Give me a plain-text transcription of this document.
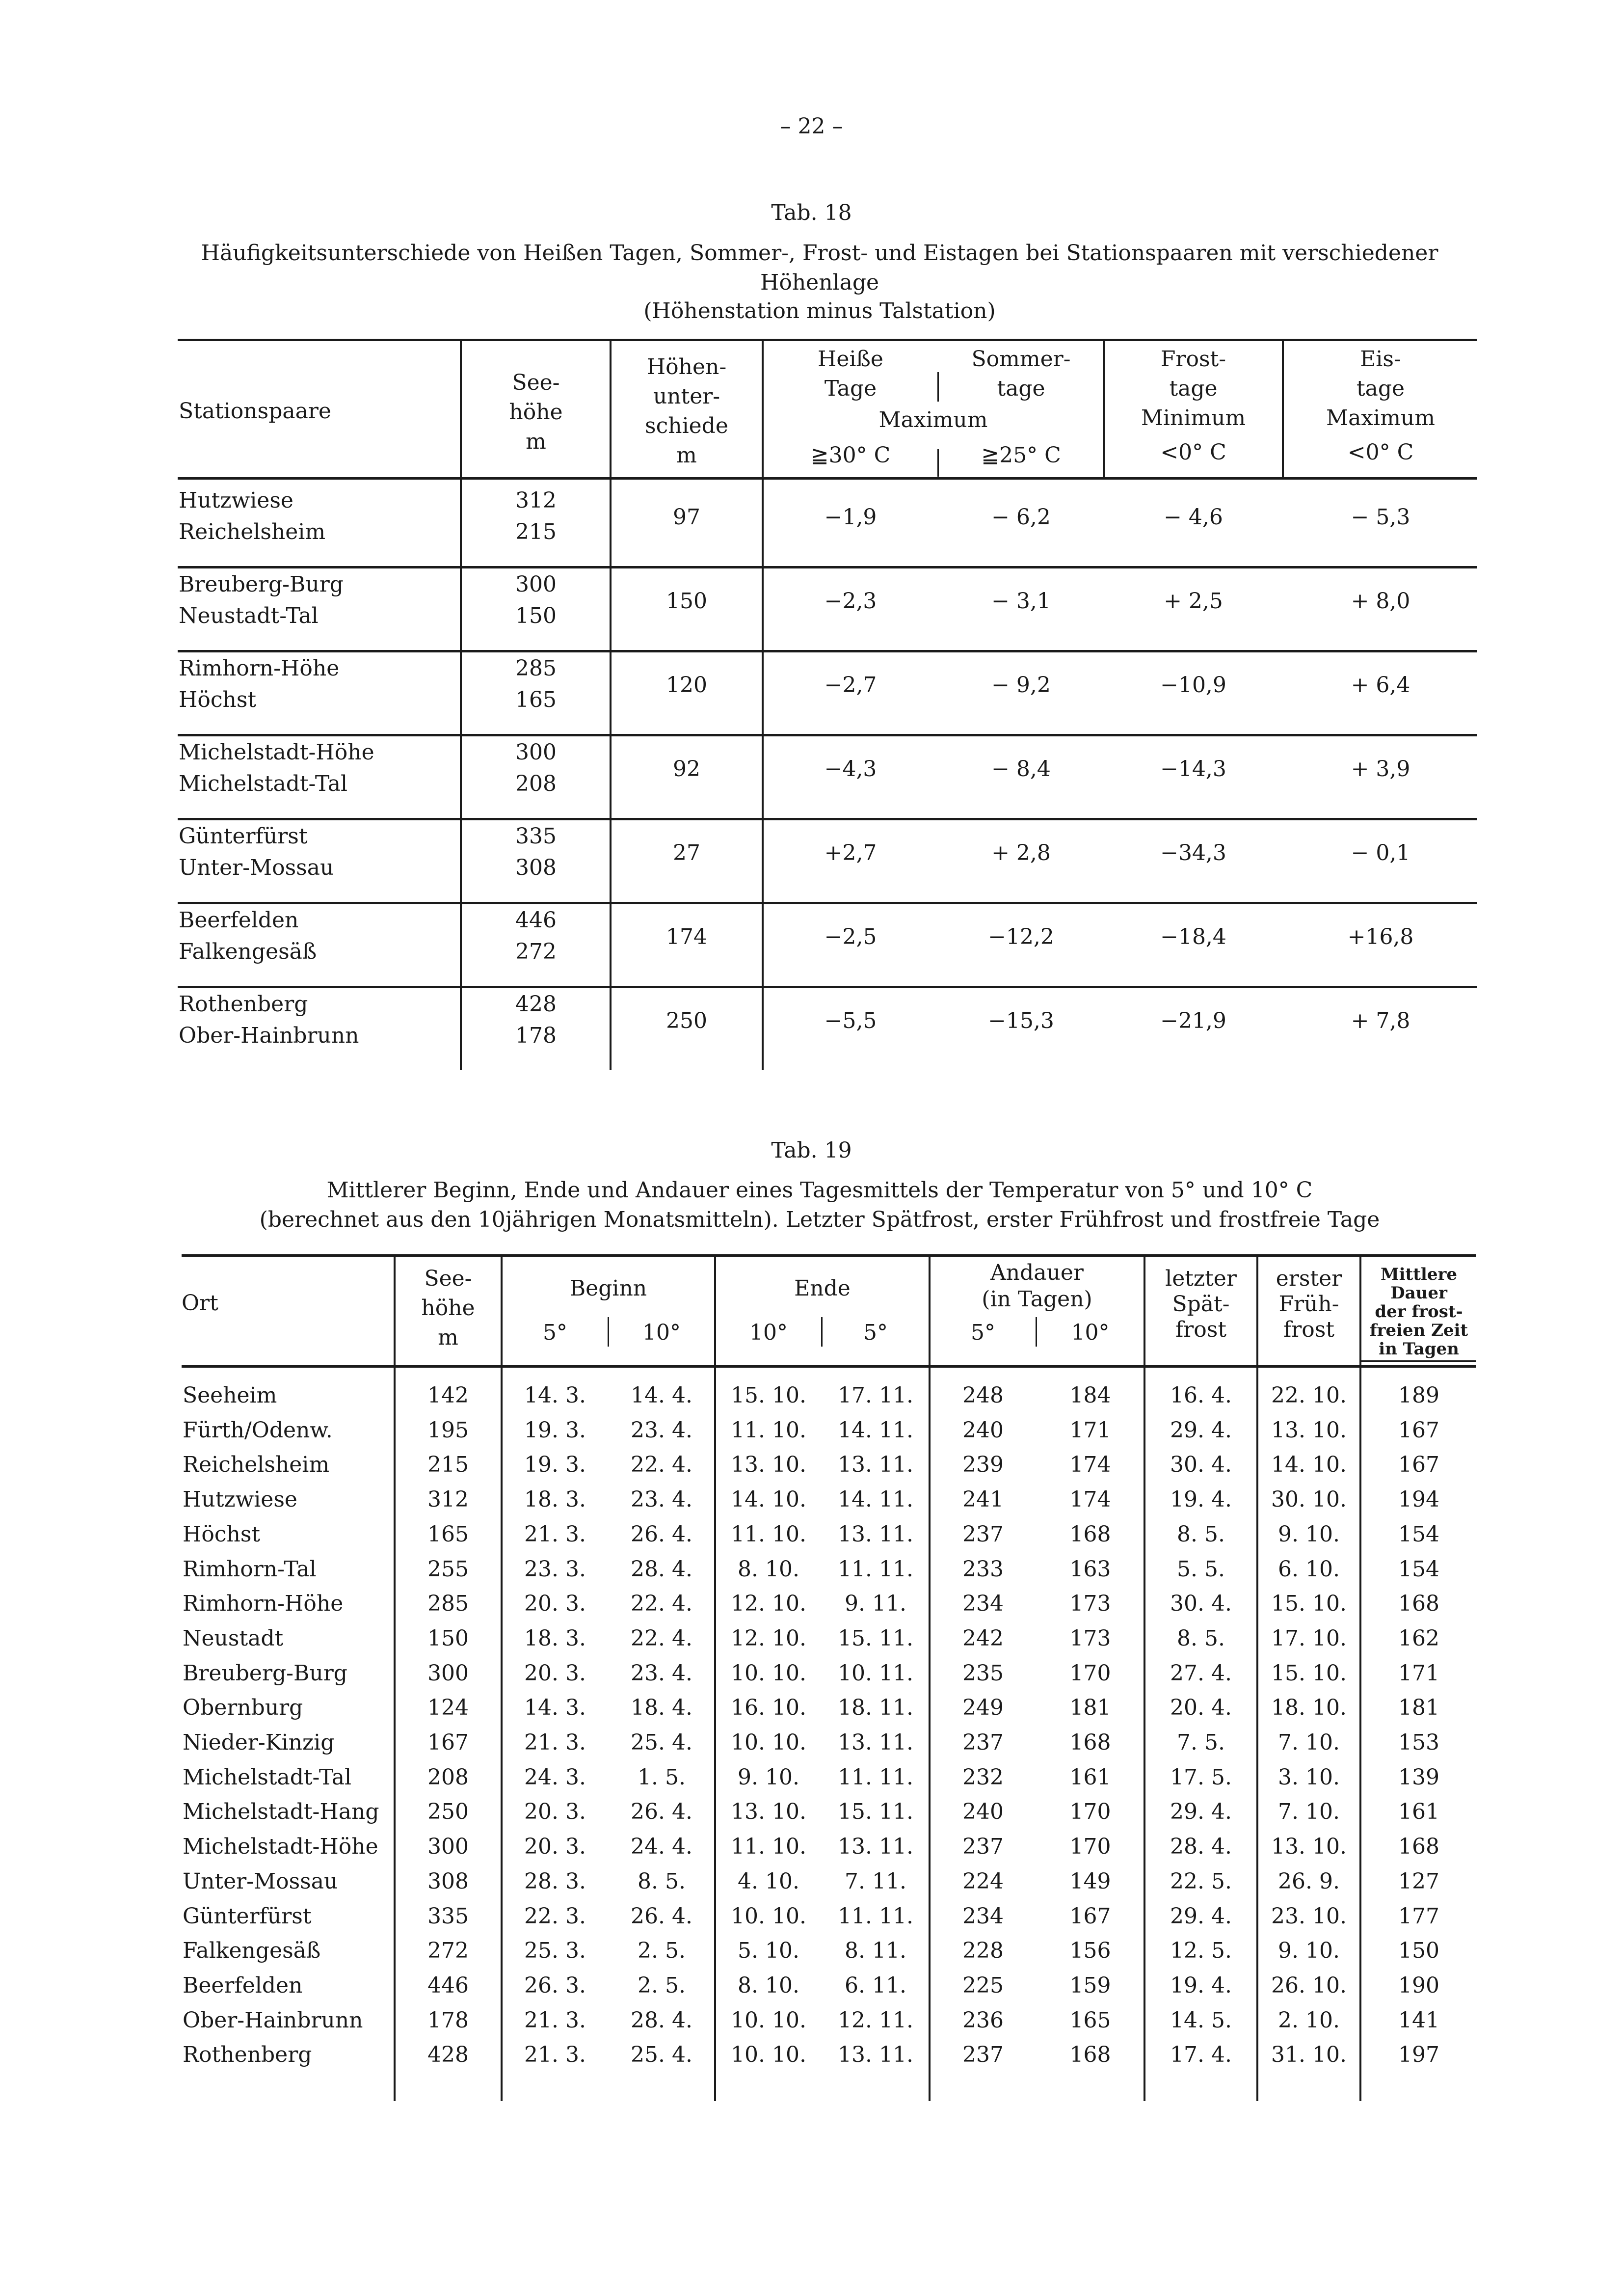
– 22 –
Tab. 18
Häufigkeitsunterschiede von Heißen Tagen, Sommer-, Frost- und Eistagen bei Stationspaaren mit verschiedener
Höhenlage
(Höhenstation minus Talstation)
Stationspaare
See-
höhe
m
Höhen-
unter-
schiede
m
Heiße
Tage
Sommer-
tage
Maximum
≧30° C	≧25° C
Frost-
tage
Minimum
<0° C
Eis-
tage
Maximum
<0° C
Hutzwiese
Reichelsheim
312
215
97	−1,9	− 6,2	− 4,6	− 5,3
Breuberg-Burg
Neustadt-Tal
300
150
150	−2,3	− 3,1	+ 2,5	+ 8,0
Rimhorn-Höhe
Höchst
285
165
120	−2,7	− 9,2	−10,9	+ 6,4
Michelstadt-Höhe
Michelstadt-Tal
300
208
92	−4,3	− 8,4	−14,3	+ 3,9
Günterfürst
Unter-Mossau
335
308
27	+2,7	+ 2,8	−34,3	− 0,1
Beerfelden
Falkengesäß
446
272
174	−2,5	−12,2	−18,4	+16,8
Rothenberg
Ober-Hainbrunn
428
178
250	−5,5	−15,3	−21,9	+ 7,8
Tab. 19
Mittlerer Beginn, Ende und Andauer eines Tagesmittels der Temperatur von 5° und 10° C
(berechnet aus den 10jährigen Monatsmitteln). Letzter Spätfrost, erster Frühfrost und frostfreie Tage
Ort
See-
höhe
m
Beginn
5°	10°
Ende
10°	5°
Andauer
(in Tagen)
5°	10°
letzter
Spät-
frost
erster
Früh-
frost
Mittlere
Dauer
der frost-
freien Zeit
in Tagen
Seeheim	142	14. 3.	14. 4.	15. 10.	17. 11.	248	184	16. 4.	22. 10.	189
Fürth/Odenw.	195	19. 3.	23. 4.	11. 10.	14. 11.	240	171	29. 4.	13. 10.	167
Reichelsheim	215	19. 3.	22. 4.	13. 10.	13. 11.	239	174	30. 4.	14. 10.	167
Hutzwiese	312	18. 3.	23. 4.	14. 10.	14. 11.	241	174	19. 4.	30. 10.	194
Höchst	165	21. 3.	26. 4.	11. 10.	13. 11.	237	168	8. 5.	9. 10.	154
Rimhorn-Tal	255	23. 3.	28. 4.	8. 10.	11. 11.	233	163	5. 5.	6. 10.	154
Rimhorn-Höhe	285	20. 3.	22. 4.	12. 10.	9. 11.	234	173	30. 4.	15. 10.	168
Neustadt	150	18. 3.	22. 4.	12. 10.	15. 11.	242	173	8. 5.	17. 10.	162
Breuberg-Burg	300	20. 3.	23. 4.	10. 10.	10. 11.	235	170	27. 4.	15. 10.	171
Obernburg	124	14. 3.	18. 4.	16. 10.	18. 11.	249	181	20. 4.	18. 10.	181
Nieder-Kinzig	167	21. 3.	25. 4.	10. 10.	13. 11.	237	168	7. 5.	7. 10.	153
Michelstadt-Tal	208	24. 3.	1. 5.	9. 10.	11. 11.	232	161	17. 5.	3. 10.	139
Michelstadt-Hang	250	20. 3.	26. 4.	13. 10.	15. 11.	240	170	29. 4.	7. 10.	161
Michelstadt-Höhe	300	20. 3.	24. 4.	11. 10.	13. 11.	237	170	28. 4.	13. 10.	168
Unter-Mossau	308	28. 3.	8. 5.	4. 10.	7. 11.	224	149	22. 5.	26. 9.	127
Günterfürst	335	22. 3.	26. 4.	10. 10.	11. 11.	234	167	29. 4.	23. 10.	177
Falkengesäß	272	25. 3.	2. 5.	5. 10.	8. 11.	228	156	12. 5.	9. 10.	150
Beerfelden	446	26. 3.	2. 5.	8. 10.	6. 11.	225	159	19. 4.	26. 10.	190
Ober-Hainbrunn	178	21. 3.	28. 4.	10. 10.	12. 11.	236	165	14. 5.	2. 10.	141
Rothenberg	428	21. 3.	25. 4.	10. 10.	13. 11.	237	168	17. 4.	31. 10.	197
